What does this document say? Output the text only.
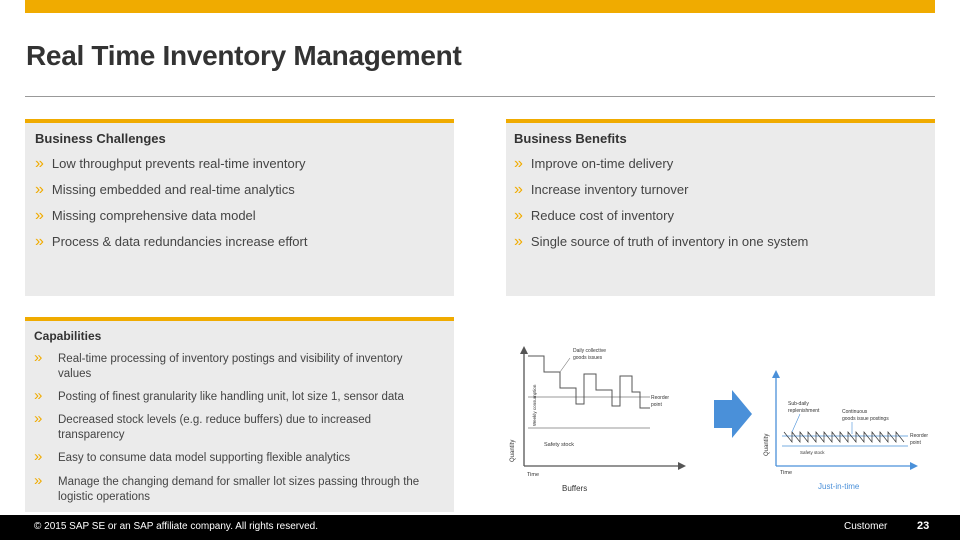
Real Time Inventory Management
Business Challenges
» Low throughput prevents real-time inventory
» Missing embedded and real-time analytics
» Missing comprehensive data model
» Process & data redundancies increase effort
Business Benefits
» Improve on-time delivery
» Increase inventory turnover
» Reduce cost of inventory
» Single source of truth of inventory in one system
Capabilities
» Real-time processing of inventory postings and visibility of inventory values
» Posting of finest granularity like handling unit, lot size 1, sensor data
» Decreased stock levels (e.g. reduce buffers) due to increased transparency
» Easy to consume data model supporting flexible analytics
» Manage the changing demand for smaller lot sizes passing through the logistic operations
Quantity
Weekly consumption
Daily collective
goods issues
Reorder
point
Safety stock
Time
Buffers
Quantity
Sub-daily
replenishment	Continuous
goods issue postings
Reorder
point
Safety stock
Time
Just-in-time
© 2015 SAP SE or an SAP affiliate company. All rights reserved.	Customer	23
